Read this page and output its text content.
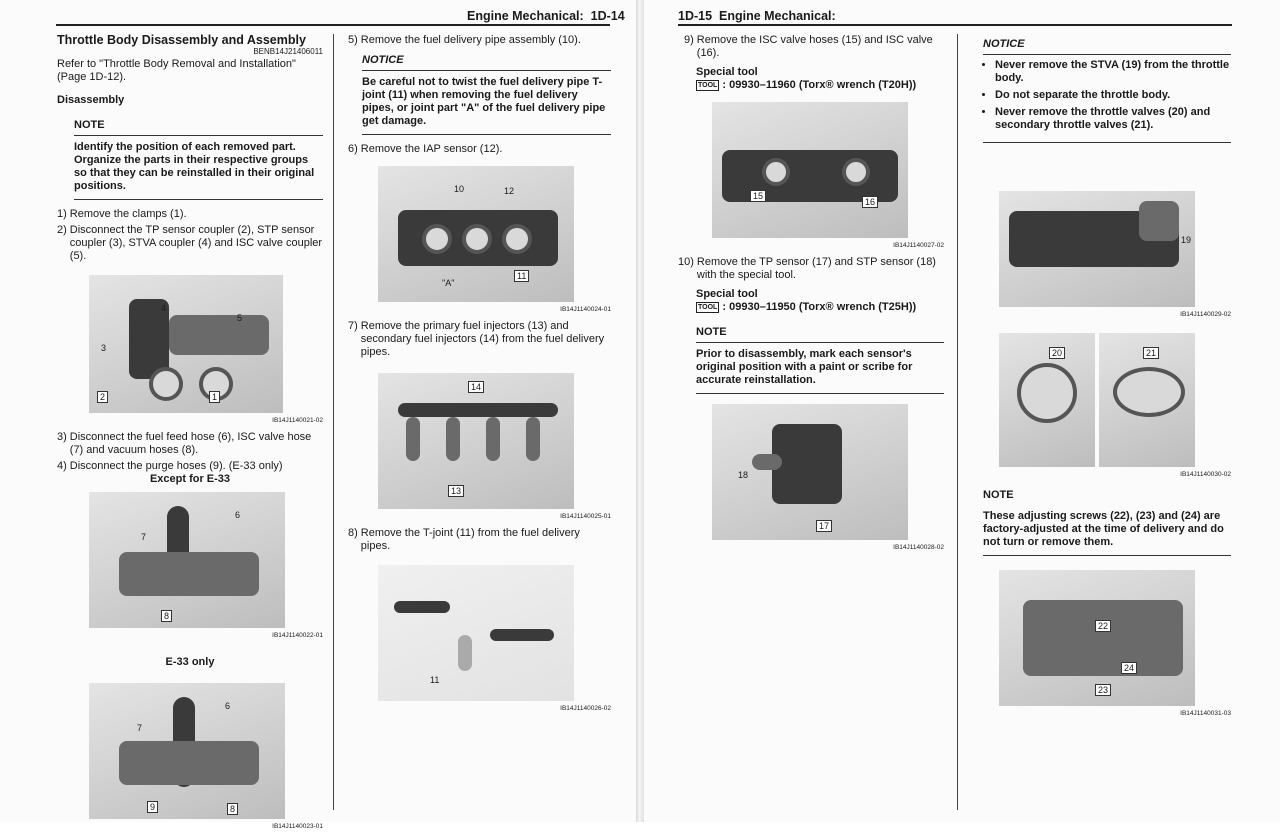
Engine Mechanical: 1D-14
Throttle Body Disassembly and Assembly
BENB14J21406011

Refer to "Throttle Body Removal and Installation" (Page 1D-12).

Disassembly
NOTE
Identify the position of each removed part. Organize the parts in their respective groups so that they can be reinstalled in their original positions.
1) Remove the clamps (1).
2) Disconnect the TP sensor coupler (2), STP sensor coupler (3), STVA coupler (4) and ISC valve coupler (5).
4
5
3
2	1
IB14J1140021-02
3) Disconnect the fuel feed hose (6), ISC valve hose (7) and vacuum hoses (8).
4) Disconnect the purge hoses (9). (E-33 only)
Except for E-33
6
7
8
IB14J1140022-01
E-33 only
6
7
9	8
IB14J1140023-01
5) Remove the fuel delivery pipe assembly (10).
NOTICE
Be careful not to twist the fuel delivery pipe T-joint (11) when removing the fuel delivery pipes, or joint part "A" of the fuel delivery pipe get damage.
6) Remove the IAP sensor (12).
10	12
"A"
11
IB14J1140024-01
7) Remove the primary fuel injectors (13) and secondary fuel injectors (14) from the fuel delivery pipes.
14
13
IB14J1140025-01
8) Remove the T-joint (11) from the fuel delivery pipes.
11
IB14J1140026-02
1D-15 Engine Mechanical:
9) Remove the ISC valve hoses (15) and ISC valve (16).
Special tool
TOOL : 09930–11960 (Torx® wrench (T20H))
15
16
IB14J1140027-02
10) Remove the TP sensor (17) and STP sensor (18) with the special tool.
Special tool
TOOL : 09930–11950 (Torx® wrench (T25H))
NOTE
Prior to disassembly, mark each sensor's original position with a paint or scribe for accurate reinstallation.
18
17
IB14J1140028-02
NOTICE
• Never remove the STVA (19) from the throttle body.
• Do not separate the throttle body.
• Never remove the throttle valves (20) and secondary throttle valves (21).
19
IB14J1140029-02
20	21
IB14J1140030-02
NOTE
These adjusting screws (22), (23) and (24) are factory-adjusted at the time of delivery and do not turn or remove them.
22
24
23
IB14J1140031-03
